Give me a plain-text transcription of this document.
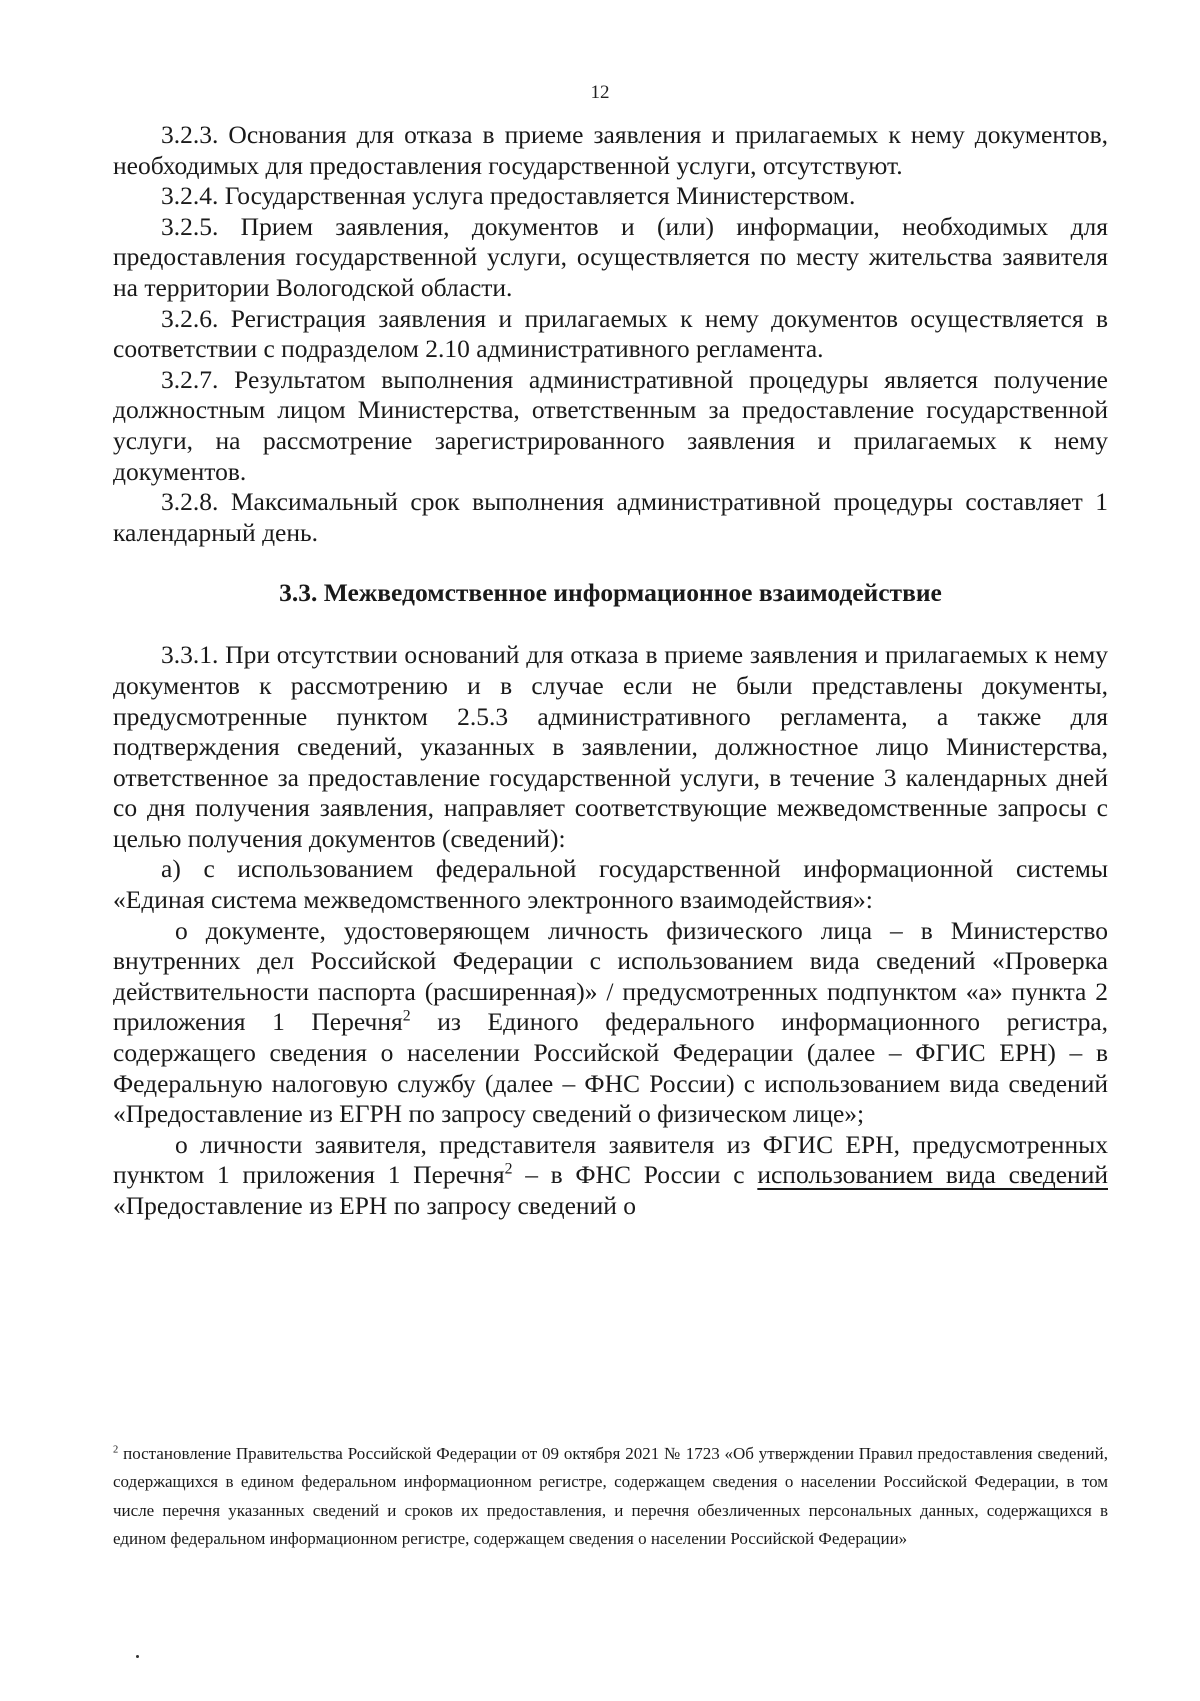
12

3.2.3. Основания для отказа в приеме заявления и прилагаемых к нему документов, необходимых для предоставления государственной услуги, отсутствуют.

3.2.4. Государственная услуга предоставляется Министерством.

3.2.5. Прием заявления, документов и (или) информации, необходимых для предоставления государственной услуги, осуществляется по месту жительства заявителя на территории Вологодской области.

3.2.6. Регистрация заявления и прилагаемых к нему документов осуществляется в соответствии с подразделом 2.10 административного регламента.

3.2.7. Результатом выполнения административной процедуры является получение должностным лицом Министерства, ответственным за предоставление государственной услуги, на рассмотрение зарегистрированного заявления и прилагаемых к нему документов.

3.2.8. Максимальный срок выполнения административной процедуры составляет 1 календарный день.

3.3. Межведомственное информационное взаимодействие

3.3.1. При отсутствии оснований для отказа в приеме заявления и прилагаемых к нему документов к рассмотрению и в случае если не были представлены документы, предусмотренные пунктом 2.5.3 административного регламента, а также для подтверждения сведений, указанных в заявлении, должностное лицо Министерства, ответственное за предоставление государственной услуги, в течение 3 календарных дней со дня получения заявления, направляет соответствующие межведомственные запросы с целью получения документов (сведений):

а) с использованием федеральной государственной информационной системы «Единая система межведомственного электронного взаимодействия»:

о документе, удостоверяющем личность физического лица – в Министерство внутренних дел Российской Федерации с использованием вида сведений «Проверка действительности паспорта (расширенная)» / предусмотренных подпунктом «а» пункта 2 приложения 1 Перечня$^2$ из Единого федерального информационного регистра, содержащего сведения о населении Российской Федерации (далее – ФГИС ЕРН) – в Федеральную налоговую службу (далее – ФНС России) с использованием вида сведений «Предоставление из ЕГРН по запросу сведений о физическом лице»;

о личности заявителя, представителя заявителя из ФГИС ЕРН, предусмотренных пунктом 1 приложения 1 Перечня$^2$ – в ФНС России с использованием вида сведений «Предоставление из ЕРН по запросу сведений о

$^2$ постановление Правительства Российской Федерации от 09 октября 2021 № 1723 «Об утверждении Правил предоставления сведений, содержащихся в едином федеральном информационном регистре, содержащем сведения о населении Российской Федерации, в том числе перечня указанных сведений и сроков их предоставления, и перечня обезличенных персональных данных, содержащихся в едином федеральном информационном регистре, содержащем сведения о населении Российской Федерации»
